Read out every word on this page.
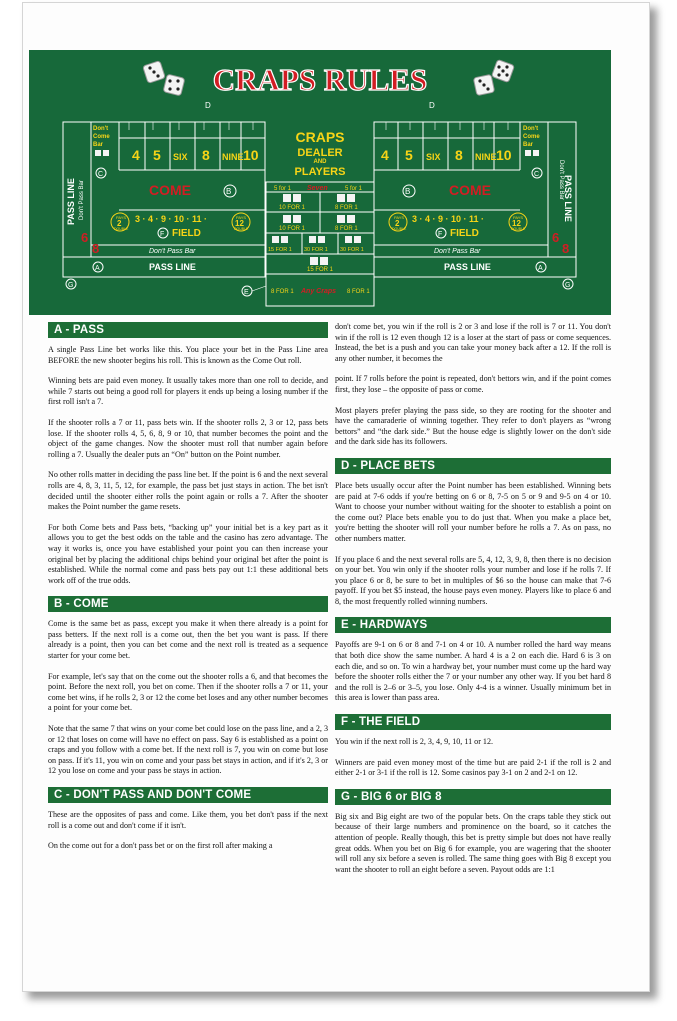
CRAPS RULES
D	D
Don't
Come
Bar
4 5 SIX 8 NINE 10
C
COME	B
Don't Pass Bar
PASS LINE	PAYS
2
DOUBLE
3 · 4 · 9 · 10 · 11 ·	PAYS
12
DOUBLE
F FIELD
Don't Pass Bar
PASS LINE
6
8
A
G
Don't
Come
Bar
4 5 SIX 8 NINE 10
C
B	COME	Don't Pass Bar PASS LINE
PAYS
2
DOUBLE
3 · 4 · 9 · 10 · 11 ·	PAYS
12
DOUBLE
F FIELD
Don't Pass Bar
PASS LINE
6
8
A
G
CRAPS
DEALER
AND
PLAYERS
5 for 1 Seven	5 for 1
10 FOR 1	8 FOR 1
10 FOR 1	8 FOR 1
15 FOR 1 30 FOR 1 30 FOR 1
15 FOR 1
8 FOR 1 Any Craps 8 FOR 1
E
A - PASS

A single Pass Line bet works like this. You place your bet in the Pass Line area BEFORE the new shooter begins his roll. This is known as the Come Out roll.

Winning bets are paid even money. It usually takes more than one roll to decide, and while 7 starts out being a good roll for players it ends up being a losing number if the first roll isn't a 7.

If the shooter rolls a 7 or 11, pass bets win. If the shooter rolls 2, 3 or 12, pass bets lose. If the shooter rolls 4, 5, 6, 8, 9 or 10, that number becomes the point and the object of the game changes. Now the shooter must roll that number again before rolling a 7. Usually the dealer puts an “On” button on the Point number.

No other rolls matter in deciding the pass line bet. If the point is 6 and the next several rolls are 4, 8, 3, 11, 5, 12, for example, the pass bet just stays in action. The bet isn't decided until the shooter either rolls the point again or rolls a 7. After the shooter makes the Point number the game resets.

For both Come bets and Pass bets, “backing up” your initial bet is a key part as it allows you to get the best odds on the table and the casino has zero advantage. The way it works is, once you have established your point you can then increase your original bet by placing the additional chips behind your original bet after the point is established. While the normal come and pass bets pay out 1:1 these additional bets work off of the true odds.

B - COME

Come is the same bet as pass, except you make it when there already is a point for pass betters. If the next roll is a come out, then the bet you want is pass. If there already is a point, then you can bet come and the next roll is treated as a sequence starter for your come bet.

For example, let's say that on the come out the shooter rolls a 6, and that becomes the point. Before the next roll, you bet on come. Then if the shooter rolls a 7 or 11, your come bet wins, if he rolls 2, 3 or 12 the come bet loses and any other number becomes a point for your come bet.

Note that the same 7 that wins on your come bet could lose on the pass line, and a 2, 3 or 12 that loses on come will have no effect on pass. Say 6 is established as a point on craps and you follow with a come bet. If the next roll is 7, you win on come but lose on pass. If it's 11, you win on come and your pass bet stays in action, and if it's 2, 3 or 12 you lose on come and your pass be stays in action.

C - DON'T PASS AND DON'T COME

These are the opposites of pass and come. Like them, you bet don't pass if the next roll is a come out and don't come if it isn't.

On the come out for a don't pass bet or on the first roll after making a

don't come bet, you win if the roll is 2 or 3 and lose if the roll is 7 or 11. You don't win if the roll is 12 even though 12 is a loser at the start of pass or come sequences. Instead, the bet is a push and you can take your money back after a 12. If the roll is any other number, it becomes the

point. If 7 rolls before the point is repeated, don't bettors win, and if the point comes first, they lose – the opposite of pass or come.

Most players prefer playing the pass side, so they are rooting for the shooter and have the camaraderie of winning together. They refer to don't players as “wrong bettors” and “the dark side.” But the house edge is slightly lower on the don't side and the dark side has its followers.

D - PLACE BETS

Place bets usually occur after the Point number has been established. Winning bets are paid at 7-6 odds if you're betting on 6 or 8, 7-5 on 5 or 9 and 9-5 on 4 or 10. Want to choose your number without waiting for the shooter to establish a point on the come out? Place bets enable you to do just that. When you make a place bet, you're betting the shooter will roll your number before he rolls a 7. As on pass, no other numbers matter.

If you place 6 and the next several rolls are 5, 4, 12, 3, 9, 8, then there is no decision on your bet. You win only if the shooter rolls your number and lose if he rolls 7. If you place 6 or 8, be sure to bet in multiples of $6 so the house can make that 7-6 payoff. If you bet $5 instead, the house pays even money. Players like to place 6 and 8, the most frequently rolled winning numbers.

E - HARDWAYS

Payoffs are 9-1 on 6 or 8 and 7-1 on 4 or 10. A number rolled the hard way means that both dice show the same number. A hard 4 is a 2 on each die. Hard 6 is 3 on each die, and so on. To win a hardway bet, your number must come up the hard way before the shooter rolls either the 7 or your number any other way. If you bet hard 8 and the roll is 2–6 or 3–5, you lose. Only 4-4 is a winner. Usually minimum bet in this area is lower than pass area.

F - THE FIELD

You win if the next roll is 2, 3, 4, 9, 10, 11 or 12.

Winners are paid even money most of the time but are paid 2-1 if the roll is 2 and either 2-1 or 3-1 if the roll is 12. Some casinos pay 3-1 on 2 and 2-1 on 12.

G - BIG 6 or BIG 8

Big six and Big eight are two of the popular bets. On the craps table they stick out because of their large numbers and prominence on the board, so it catches the attention of people. Really though, this bet is pretty simple but does not have really great odds. When you bet on Big 6 for example, you are wagering that the shooter will roll any six before a seven is rolled. The same thing goes with Big 8 except you want the shooter to roll an eight before a seven. Payout odds are 1:1
